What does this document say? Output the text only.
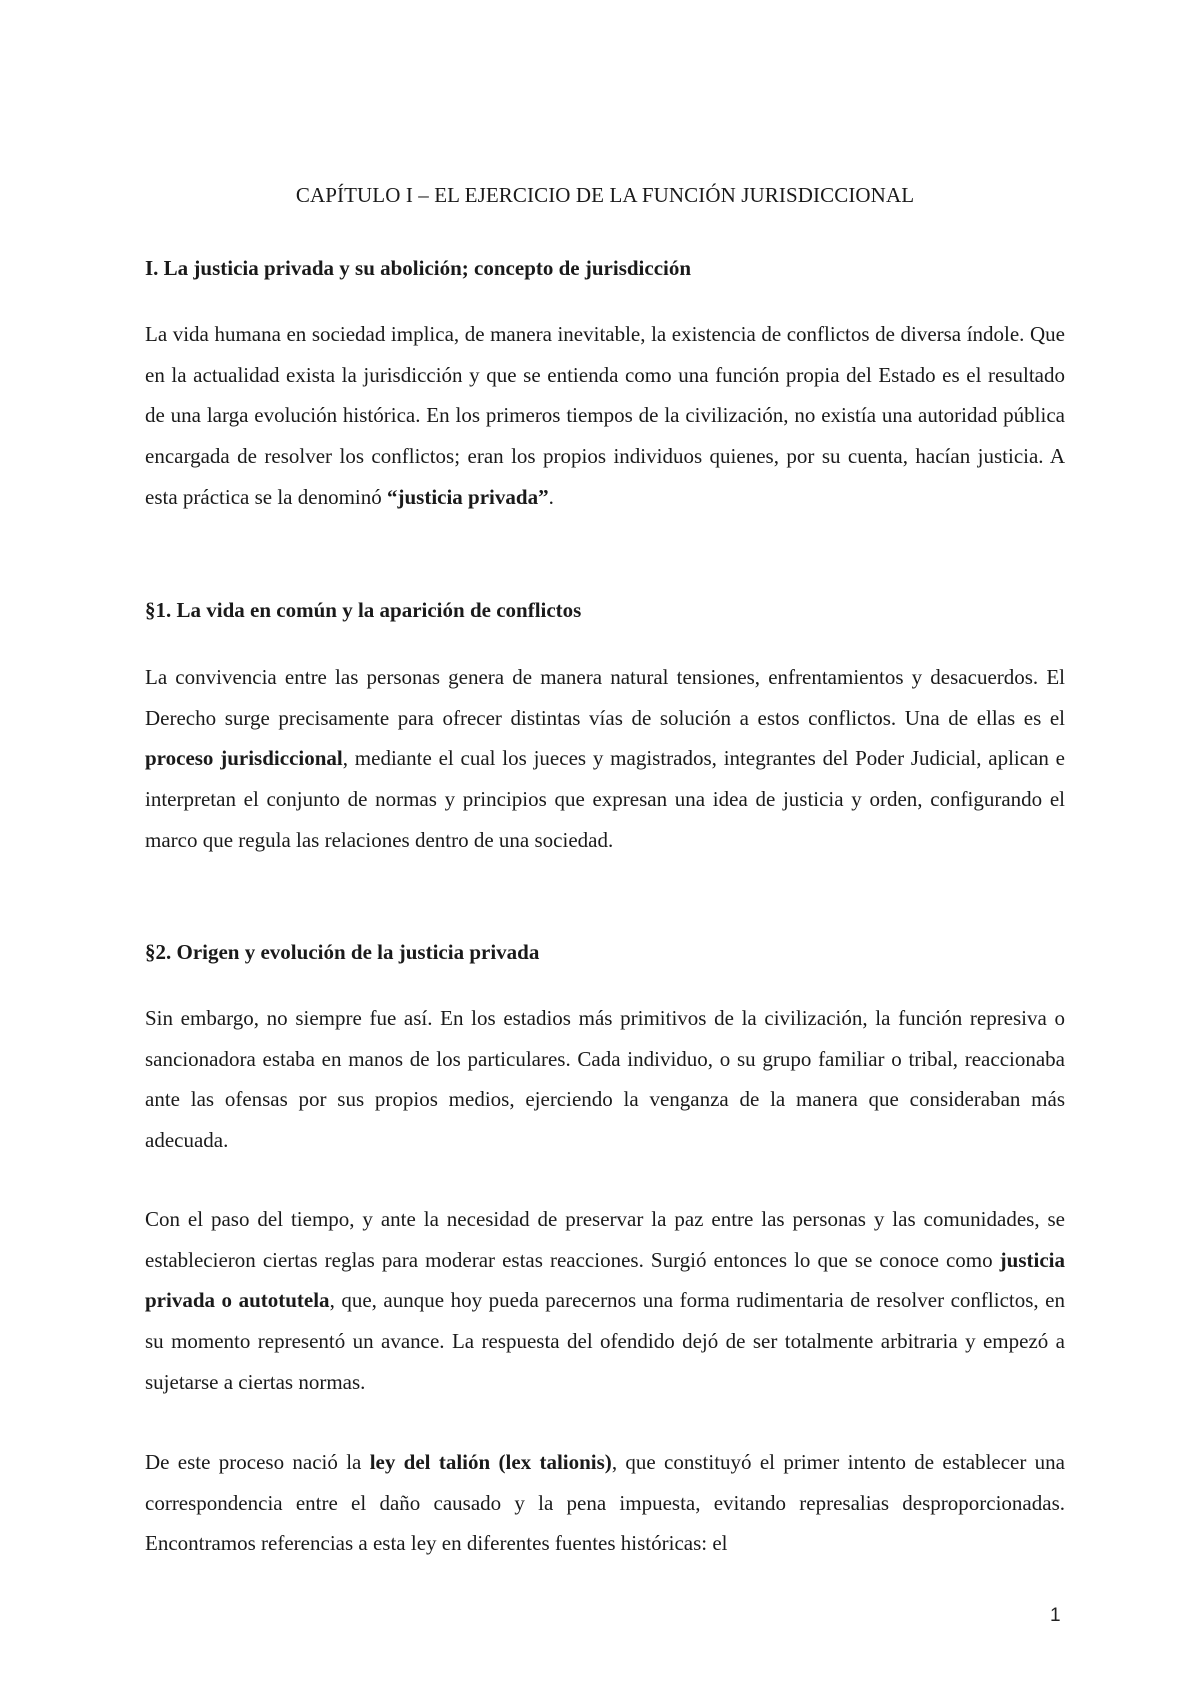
CAPÍTULO I – EL EJERCICIO DE LA FUNCIÓN JURISDICCIONAL
I. La justicia privada y su abolición; concepto de jurisdicción

La vida humana en sociedad implica, de manera inevitable, la existencia de conflictos de diversa índole. Que en la actualidad exista la jurisdicción y que se entienda como una función propia del Estado es el resultado de una larga evolución histórica. En los primeros tiempos de la civilización, no existía una autoridad pública encargada de resolver los conflictos; eran los propios individuos quienes, por su cuenta, hacían justicia. A esta práctica se la denominó “justicia privada”.

§1. La vida en común y la aparición de conflictos

La convivencia entre las personas genera de manera natural tensiones, enfrentamientos y desacuerdos. El Derecho surge precisamente para ofrecer distintas vías de solución a estos conflictos. Una de ellas es el proceso jurisdiccional, mediante el cual los jueces y magistrados, integrantes del Poder Judicial, aplican e interpretan el conjunto de normas y principios que expresan una idea de justicia y orden, configurando el marco que regula las relaciones dentro de una sociedad.

§2. Origen y evolución de la justicia privada

Sin embargo, no siempre fue así. En los estadios más primitivos de la civilización, la función represiva o sancionadora estaba en manos de los particulares. Cada individuo, o su grupo familiar o tribal, reaccionaba ante las ofensas por sus propios medios, ejerciendo la venganza de la manera que consideraban más adecuada.

Con el paso del tiempo, y ante la necesidad de preservar la paz entre las personas y las comunidades, se establecieron ciertas reglas para moderar estas reacciones. Surgió entonces lo que se conoce como justicia privada o autotutela, que, aunque hoy pueda parecernos una forma rudimentaria de resolver conflictos, en su momento representó un avance. La respuesta del ofendido dejó de ser totalmente arbitraria y empezó a sujetarse a ciertas normas.

De este proceso nació la ley del talión (lex talionis), que constituyó el primer intento de establecer una correspondencia entre el daño causado y la pena impuesta, evitando represalias desproporcionadas. Encontramos referencias a esta ley en diferentes fuentes históricas: el

1
